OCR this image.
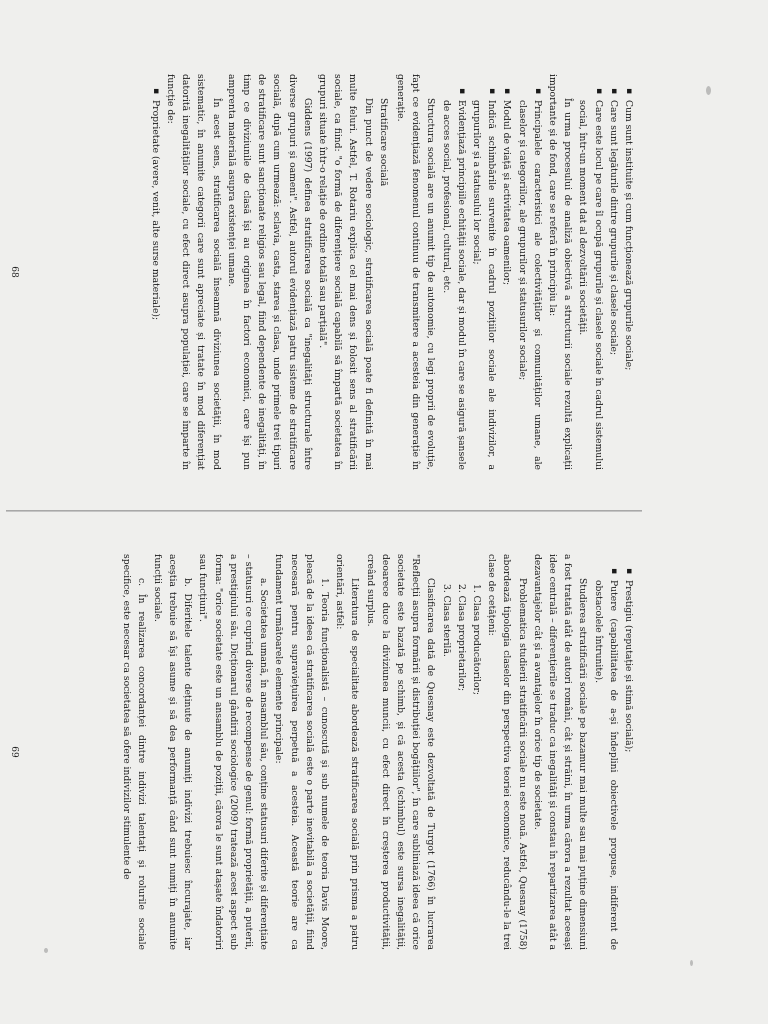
▪ Cum sunt instituite și cum funcționează grupurile sociale;
▪ Care sunt legăturile dintre grupurile și clasele sociale;
▪ Care este locul pe care îl ocupă grupurile și clasele sociale în cadrul sistemului social, într-un moment dat al dezvoltării societății.

În urma procesului de analiză obiectivă a structurii sociale rezultă explicații importante și de fond, care se referă în principiu la:

▪ Principalele caracteristici ale colectivităților și comunităților umane, ale claselor și categoriilor, ale grupurilor și statusurilor sociale;
▪ Modul de viață și activitatea oamenilor;
▪ Indică schimbările survenite în cadrul pozițiilor sociale ale indivizilor, a grupurilor și a statusului lor social;
▪ Evidențiază principiile echității sociale, dar și modul în care se asigură șansele de acces social, profesional, cultural, etc.

Structura socială are un anumit tip de autonomie, cu legi proprii de evoluție, fapt ce evidențiază fenomenul continuu de transmitere a acesteia din generație în generație.

Stratificare socială

Din punct de vedere sociologic, stratificarea socială poate fi definită în mai multe feluri. Astfel, T. Rotariu explica cel mai dens și folosit sens al stratificării sociale, ca fiind: "o formă de diferențiere socială capabilă să împartă societatea în grupuri situate într-o relație de ordine totală sau parțială".

Giddens (1997) definea stratificarea socială ca "inegalități structurale între diverse grupuri și oameni". Astfel, autorul evidențiază patru sisteme de stratificare socială, după cum urmează: sclavia, casta, starea și clasa, unde primele trei tipuri de stratificare sunt sancționate religios sau legal, fiind dependente de inegalități, în timp ce diviziunile de clasă își au originea în factori economici, care își pun amprenta materială asupra existenței umane.

În acest sens, stratificarea socială înseamnă diviziunea societății, în mod sistematic, în anumite categorii care sunt apreciate și tratate în mod diferențiat datorită inegalităților sociale, cu efect direct asupra populației, care se împarte în funcție de:

▪ Proprietate (avere, venit, alte surse materiale);
68
▪ Prestigiu (reputație și stimă socială);
▪ Putere (capabilitatea de a-și îndeplini obiectivele propuse, indiferent de obstacolele întrunite).

Studierea stratificării sociale pe bazamur mai multe sau mai puține dimensiuni a fost tratată atât de autori români, cât și străini, în urma cărora a rezultat aceeași idee centrală – diferențierile se traduc ca inegalități și constau în repartizarea atât a dezavantajelor cât și a avantajelor în orice tip de societate.

Problematica studierii stratificării sociale nu este nouă. Astfel, Quesnay (1758) abordează tipologia claselor din perspectiva teoriei economice, reducându-le la trei clase de cetățeni:

1. Clasa producătorilor;
2. Clasa proprietarilor;
3. Clasa sterilă.

Clasificarea dată de Quesnay este dezvoltată de Turgot (1766) în lucrarea "Reflecții asupra formării și distribuției bogățiilor", în care subliniază ideea că orice societate este bazată pe schimb, și că acesta (schimbul) este sursa inegalității, deoarece duce la diviziunea muncii, cu efect direct în creșterea productivității, creând surplus.

Literatura de specialitate abordează stratificarea socială prin prisma a patru orientări, astfel:

1. Teoria funcționalistă – cunoscută și sub numele de teoria Davis Moore, pleacă de la ideea că stratificarea socială este o parte inevitabilă a societății, fiind necesară pentru supraviețuirea perpetuă a acesteia. Această teorie are ca fundament următoarele elemente principale:

a. Societatea umană, în ansamblul său, conține statusuri diferite și diferențiate – statusuri ce cuprind diverse de recompense de genul: formă proprietății, a puterii, a prestigiului său. Dicționarul gândirii sociologice (2009) tratează acest aspect sub forma: "orice societate este un ansamblu de poziții, cărora le sunt atașate îndatoriri sau funcțiuni".

b. Diferitele talente deținute de anumiți indivizi trebuiesc încurajate, iar aceștia trebuie să își asume și să dea performanță când sunt numiți în anumite funcții sociale.

c. În realizarea concordanței dintre indivizi talentați și rolurile sociale specifice, este necesar ca societatea să ofere indivizilor stimulente de

69
